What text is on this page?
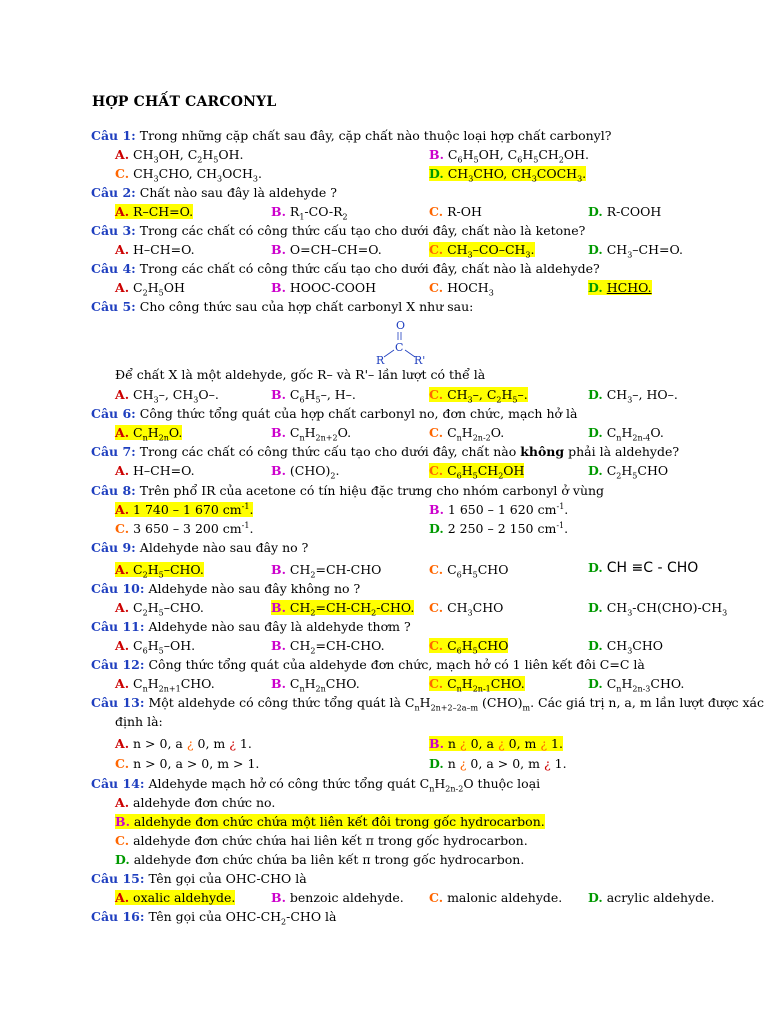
HỢP CHẤT CARCONYL
Câu 1: Trong những cặp chất sau đây, cặp chất nào thuộc loại hợp chất carbonyl?
A. $CH_3OH$, $C_2H_5OH$.	B. $C_6H_5OH$, $C_6H_5CH_2OH$.
C. $CH_3CHO$, $CH_3OCH_3$.	D. $CH_3CHO$, $CH_3COCH_3$.
Câu 2: Chất nào sau đây là aldehyde ?
A. R–CH=O.	B. $R_1-CO-R_2$	C. R-OH	D. R-COOH
Câu 3: Trong các chất có công thức cấu tạo cho dưới đây, chất nào là ketone?
A. H–CH=O.	B. O=CH–CH=O.	C. $CH_3-CO-CH_3$.	D. $CH_3-CH=O$.
Câu 4: Trong các chất có công thức cấu tạo cho dưới đây, chất nào là aldehyde?
A. $C_2H_5OH$	B. HOOC-COOH	C. $HOCH_3$	D. HCHO.
Câu 5: Cho công thức sau của hợp chất carbonyl X như sau:
O
C
R	R'
Để chất X là một aldehyde, gốc R– và R'– lần lượt có thể là
A. $CH_3-$, $CH_3O-$.	B. $C_6H_5-$, H–.	C. $CH_3-$, $C_2H_5-$.	D. $CH_3-$, HO–.
Câu 6: Công thức tổng quát của hợp chất carbonyl no, đơn chức, mạch hở là
A. $C_nH_{2n}O$.	B. $C_nH_{2n+2}O$.	C. $C_nH_{2n-2}O$.	D. $C_nH_{2n-4}O$.
Câu 7: Trong các chất có công thức cấu tạo cho dưới đây, chất nào không phải là aldehyde?
A. H–CH=O.	B. $(CHO)_2$.	C. $C_6H_5CH_2OH$	D. $C_2H_5CHO$
Câu 8: Trên phổ IR của acetone có tín hiệu đặc trưng cho nhóm carbonyl ở vùng
A. 1 740 – 1 670 $cm^{-1}$.	B. 1 650 – 1 620 $cm^{-1}$.
C. 3 650 – 3 200 $cm^{-1}$.	D. 2 250 – 2 150 $cm^{-1}$.
Câu 9: Aldehyde nào sau đây no ?
A. $C_2H_5$–CHO.	B. $CH_2=CH$-CHO	C. $C_6H_5CHO$	D. CH ≡C - CHO
Câu 10: Aldehyde nào sau đây không no ?
A. $C_2H_5$–CHO.	B. $CH_2=CH-CH_2$-CHO. C. $CH_3CHO$	D. $CH_3-CH(CHO)-CH_3$
Câu 11: Aldehyde nào sau đây là aldehyde thơm ?
A. $C_6H_5-OH$.	B. $CH_2=CH$-CHO.	C. $C_6H_5CHO$	D. $CH_3CHO$
Câu 12: Công thức tổng quát của aldehyde đơn chức, mạch hở có 1 liên kết đôi C=C là
A. $C_nH_{2n+1}CHO$.	B. $C_nH_{2n}CHO$.	C. $C_nH_{2n-1}CHO$.	D. $C_nH_{2n-3}CHO$.
Câu 13: Một aldehyde có công thức tổng quát là $C_nH_{2n+2-2a-m}$ $(CHO)_m$. Các giá trị n, a, m lần lượt được xác
định là:
A. n > 0, a ¿ 0, m ¿ 1.	B. n ¿ 0, a ¿ 0, m ¿ 1.
C. n > 0, a > 0, m > 1.	D. n ¿ 0, a > 0, m ¿ 1.
Câu 14: Aldehyde mạch hở có công thức tổng quát $C_nH_{2n-2}O$ thuộc loại
A. aldehyde đơn chức no.
B. aldehyde đơn chức chứa một liên kết đôi trong gốc hydrocarbon.
C. aldehyde đơn chức chứa hai liên kết π trong gốc hydrocarbon.
D. aldehyde đơn chức chứa ba liên kết π trong gốc hydrocarbon.
Câu 15: Tên gọi của OHC-CHO là
A. oxalic aldehyde.	B. benzoic aldehyde. C. malonic aldehyde. D. acrylic aldehyde.
Câu 16: Tên gọi của OHC-$CH_2$-CHO là
